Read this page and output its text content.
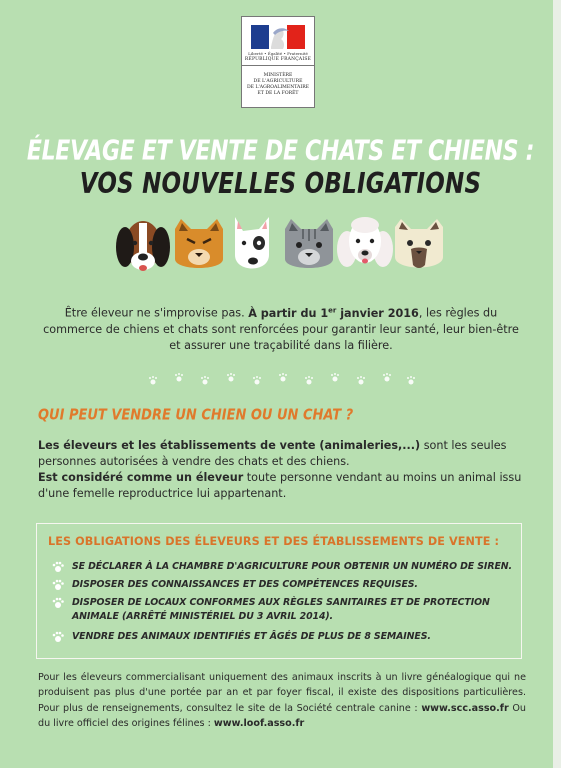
Liberté • Égalité • Fraternité
RÉPUBLIQUE FRANÇAISE
MINISTÈRE
DE L'AGRICULTURE
DE L'AGROALIMENTAIRE
ET DE LA FORÊT
ÉLEVAGE ET VENTE DE CHATS ET CHIENS :
VOS NOUVELLES OBLIGATIONS
Être éleveur ne s'improvise pas. À partir du 1er janvier 2016, les règles du commerce de chiens et chats sont renforcées pour garantir leur santé, leur bien-être et assurer une traçabilité dans la filière.
QUI PEUT VENDRE UN CHIEN OU UN CHAT ?
Les éleveurs et les établissements de vente (animaleries,...) sont les seules personnes autorisées à vendre des chats et des chiens.
Est considéré comme un éleveur toute personne vendant au moins un animal issu d'une femelle reproductrice lui appartenant.
LES OBLIGATIONS DES ÉLEVEURS ET DES ÉTABLISSEMENTS DE VENTE :
SE DÉCLARER À LA CHAMBRE D'AGRICULTURE POUR OBTENIR UN NUMÉRO DE SIREN.
DISPOSER DES CONNAISSANCES ET DES COMPÉTENCES REQUISES.
DISPOSER DE LOCAUX CONFORMES AUX RÈGLES SANITAIRES ET DE PROTECTION ANIMALE (ARRÊTÉ MINISTÉRIEL DU 3 AVRIL 2014).
VENDRE DES ANIMAUX IDENTIFIÉS ET ÂGÉS DE PLUS DE 8 SEMAINES.
Pour les éleveurs commercialisant uniquement des animaux inscrits à un livre généalogique qui ne produisent pas plus d'une portée par an et par foyer fiscal, il existe des dispositions particulières. Pour plus de renseignements, consultez le site de la Société centrale canine : www.scc.asso.fr Ou du livre officiel des origines félines : www.loof.asso.fr
